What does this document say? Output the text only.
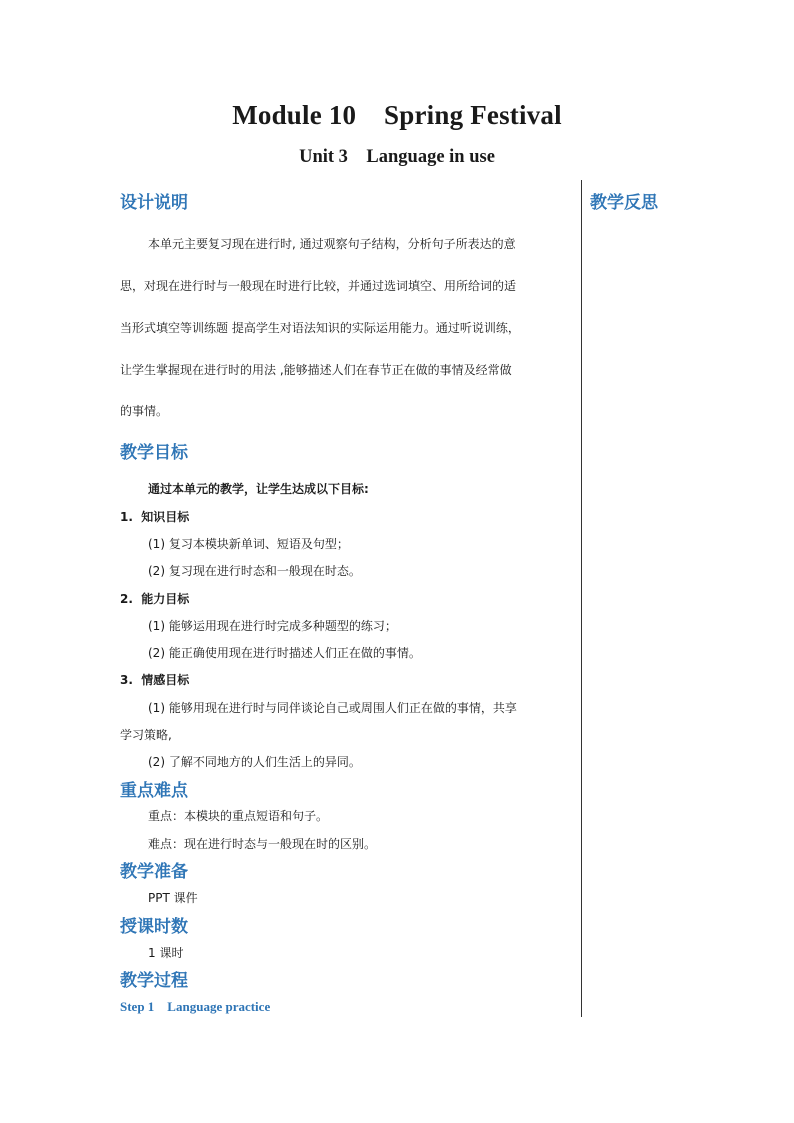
Module 10    Spring Festival
Unit 3    Language in use
教学反思
设计说明
本单元主要复习现在进行时, 通过观察句子结构，分析句子所表达的意
思，对现在进行时与一般现在时进行比较，并通过选词填空、用所给词的适
当形式填空等训练题 提高学生对语法知识的实际运用能力。通过听说训练，
让学生掌握现在进行时的用法 ,能够描述人们在春节正在做的事情及经常做
的事情。
教学目标
通过本单元的教学，让学生达成以下目标:
1.  知识目标
(1) 复习本模块新单词、短语及句型；
(2) 复习现在进行时态和一般现在时态。
2.  能力目标
(1) 能够运用现在进行时完成多种题型的练习；
(2) 能正确使用现在进行时描述人们正在做的事情。
3.  情感目标
(1) 能够用现在进行时与同伴谈论自己或周围人们正在做的事情，共享
学习策略,
(2) 了解不同地方的人们生活上的异同。
重点难点
重点：本模块的重点短语和句子。
难点：现在进行时态与一般现在时的区别。
教学准备
PPT 课件
授课时数
1 课时
教学过程
Step 1    Language practice
